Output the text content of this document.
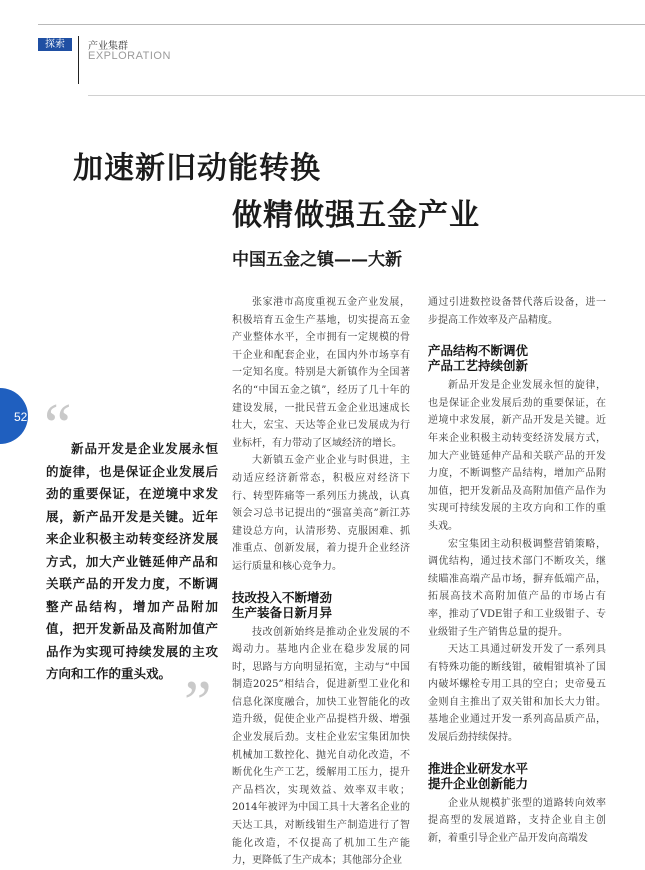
探索	产业集群
EXPLORATION
加速新旧动能转换
做精做强五金产业
中国五金之镇——大新
52 “ 新品开发是企业发展永恒的旋律，也是保证企业发展后劲的重要保证，在逆境中求发展，新产品开发是关键。近年来企业积极主动转变经济发展方式，加大产业链延伸产品和关联产品的开发力度，不断调整产品结构，增加产品附加值，把开发新品及高附加值产品作为实现可持续发展的主攻方向和工作的重头戏。 ”

张家港市高度重视五金产业发展，积极培育五金生产基地，切实提高五金产业整体水平，全市拥有一定规模的骨干企业和配套企业，在国内外市场享有一定知名度。特别是大新镇作为全国著名的“中国五金之镇”，经历了几十年的建设发展，一批民营五金企业迅速成长壮大，宏宝、天达等企业已发展成为行业标杆，有力带动了区域经济的增长。

大新镇五金产业企业与时俱进，主动适应经济新常态，积极应对经济下行、转型阵痛等一系列压力挑战，认真领会习总书记提出的“强富美高”新江苏建设总方向，认清形势、克服困难、抓准重点、创新发展，着力提升企业经济运行质量和核心竞争力。

技改投入不断增劲
生产装备日新月异

技改创新始终是推动企业发展的不竭动力。基地内企业在稳步发展的同时，思路与方向明显拓宽，主动与“中国制造2025”相结合，促进新型工业化和信息化深度融合，加快工业智能化的改造升级，促使企业产品提档升级、增强企业发展后劲。支柱企业宏宝集团加快机械加工数控化、抛光自动化改造，不断优化生产工艺，缓解用工压力，提升产品档次，实现效益、效率双丰收；2014年被评为中国工具十大著名企业的天达工具，对断线钳生产制造进行了智能化改造，不仅提高了机加工生产能力，更降低了生产成本；其他部分企业

通过引进数控设备替代落后设备，进一步提高工作效率及产品精度。

产品结构不断调优
产品工艺持续创新

新品开发是企业发展永恒的旋律，也是保证企业发展后劲的重要保证，在逆境中求发展，新产品开发是关键。近年来企业积极主动转变经济发展方式，加大产业链延伸产品和关联产品的开发力度，不断调整产品结构，增加产品附加值，把开发新品及高附加值产品作为实现可持续发展的主攻方向和工作的重头戏。

宏宝集团主动积极调整营销策略，调优结构，通过技术部门不断攻关，继续瞄准高端产品市场，摒弃低端产品，拓展高技术高附加值产品的市场占有率，推动了VDE钳子和工业级钳子、专业级钳子生产销售总量的提升。

天达工具通过研发开发了一系列具有特殊功能的断线钳，破帽钳填补了国内破坏螺栓专用工具的空白；史帝曼五金则自主推出了双关钳和加长大力钳。基地企业通过开发一系列高品质产品，发展后劲持续保持。

推进企业研发水平
提升企业创新能力

企业从规模扩张型的道路转向效率提高型的发展道路，支持企业自主创新，着重引导企业产品开发向高端发
